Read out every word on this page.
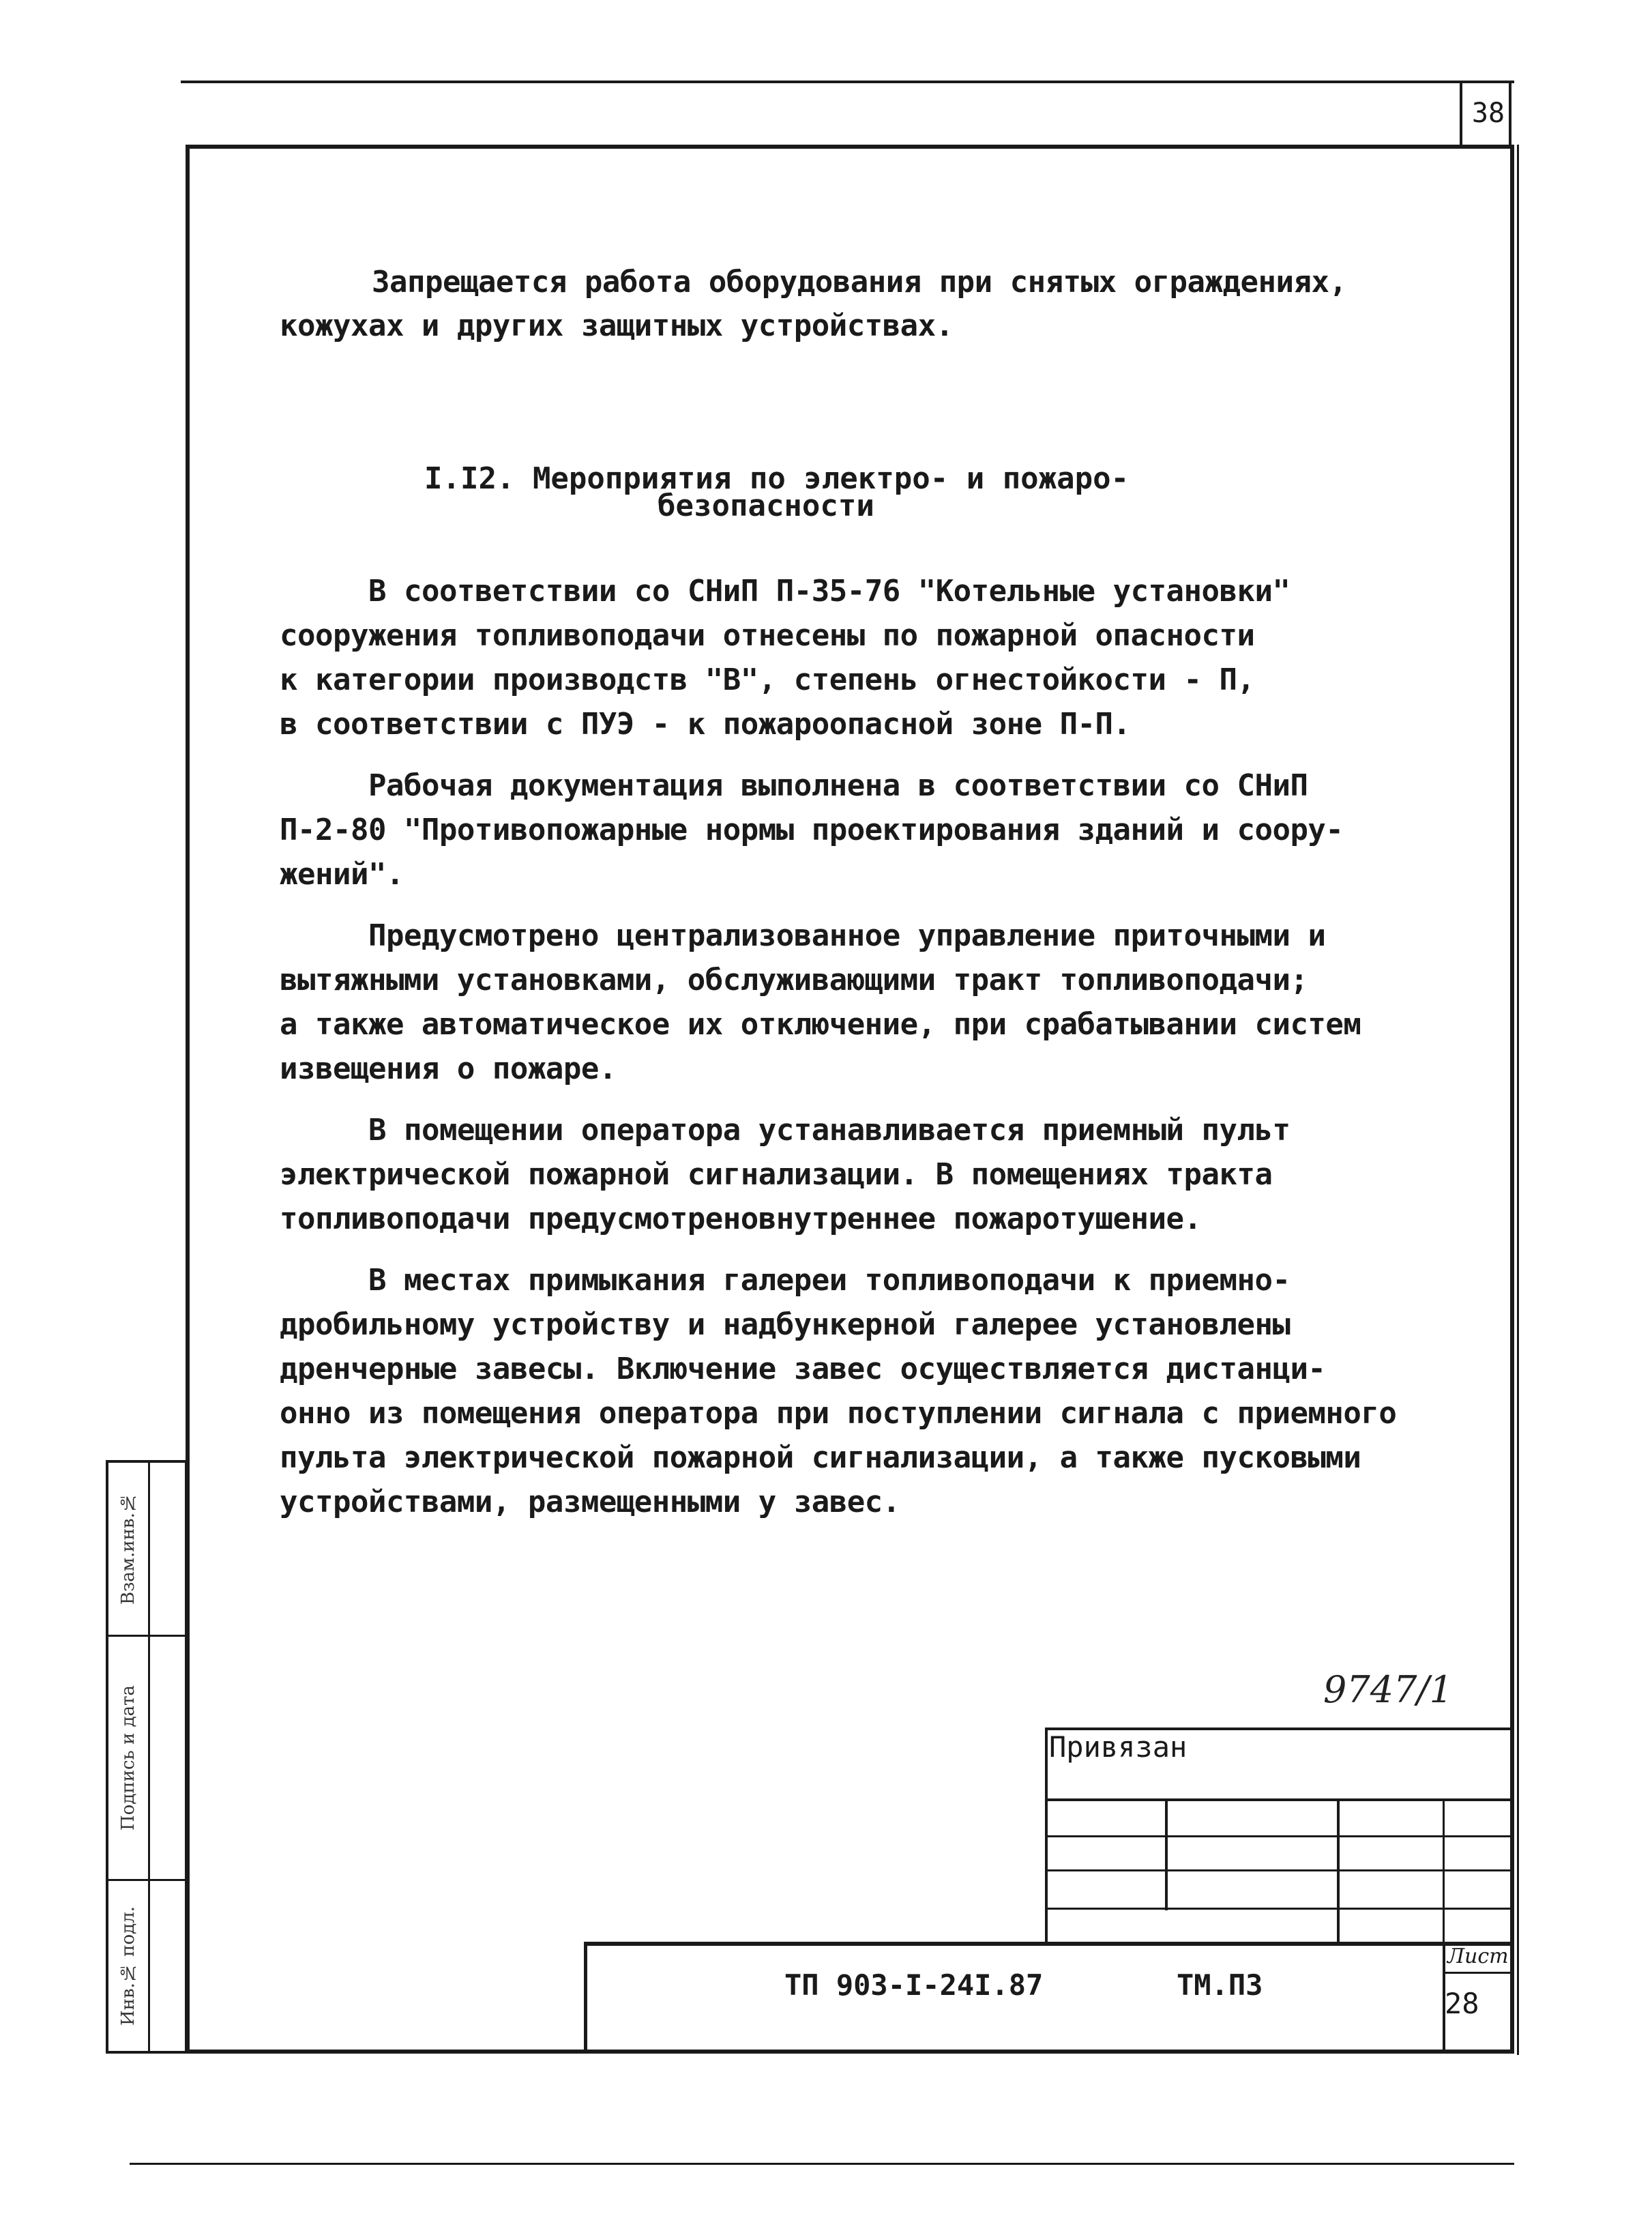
38
Запрещается работа оборудования при снятых ограждениях,
кожухах и других защитных устройствах.
I.I2. Мероприятия по электро- и пожаро-
безопасности
В соответствии со СНиП П-35-76 "Котельные установки"
сооружения топливоподачи отнесены по пожарной опасности
к категории производств "В", степень огнестойкости - П,
в соответствии с ПУЭ - к пожароопасной зоне П-П.
Рабочая документация выполнена в соответствии со СНиП
П-2-80 "Противопожарные нормы проектирования зданий и соору-
жений".
Предусмотрено централизованное управление приточными и
вытяжными установками, обслуживающими тракт топливоподачи;
а также автоматическое их отключение, при срабатывании систем
извещения о пожаре.
В помещении оператора устанавливается приемный пульт
электрической пожарной сигнализации. В помещениях тракта
топливоподачи предусмотреновнутреннее пожаротушение.
В местах примыкания галереи топливоподачи к приемно-
дробильному устройству и надбункерной галерее установлены
дренчерные завесы. Включение завес осуществляется дистанци-
онно из помещения оператора при поступлении сигнала с приемного
пульта электрической пожарной сигнализации, а также пусковыми
устройствами, размещенными у завес.
Взам.инв.№
Подпись и дата
Инв.№ подл.
9747/1
Привязан
ТП 903-I-24I.87	ТМ.ПЗ
Лист
28
